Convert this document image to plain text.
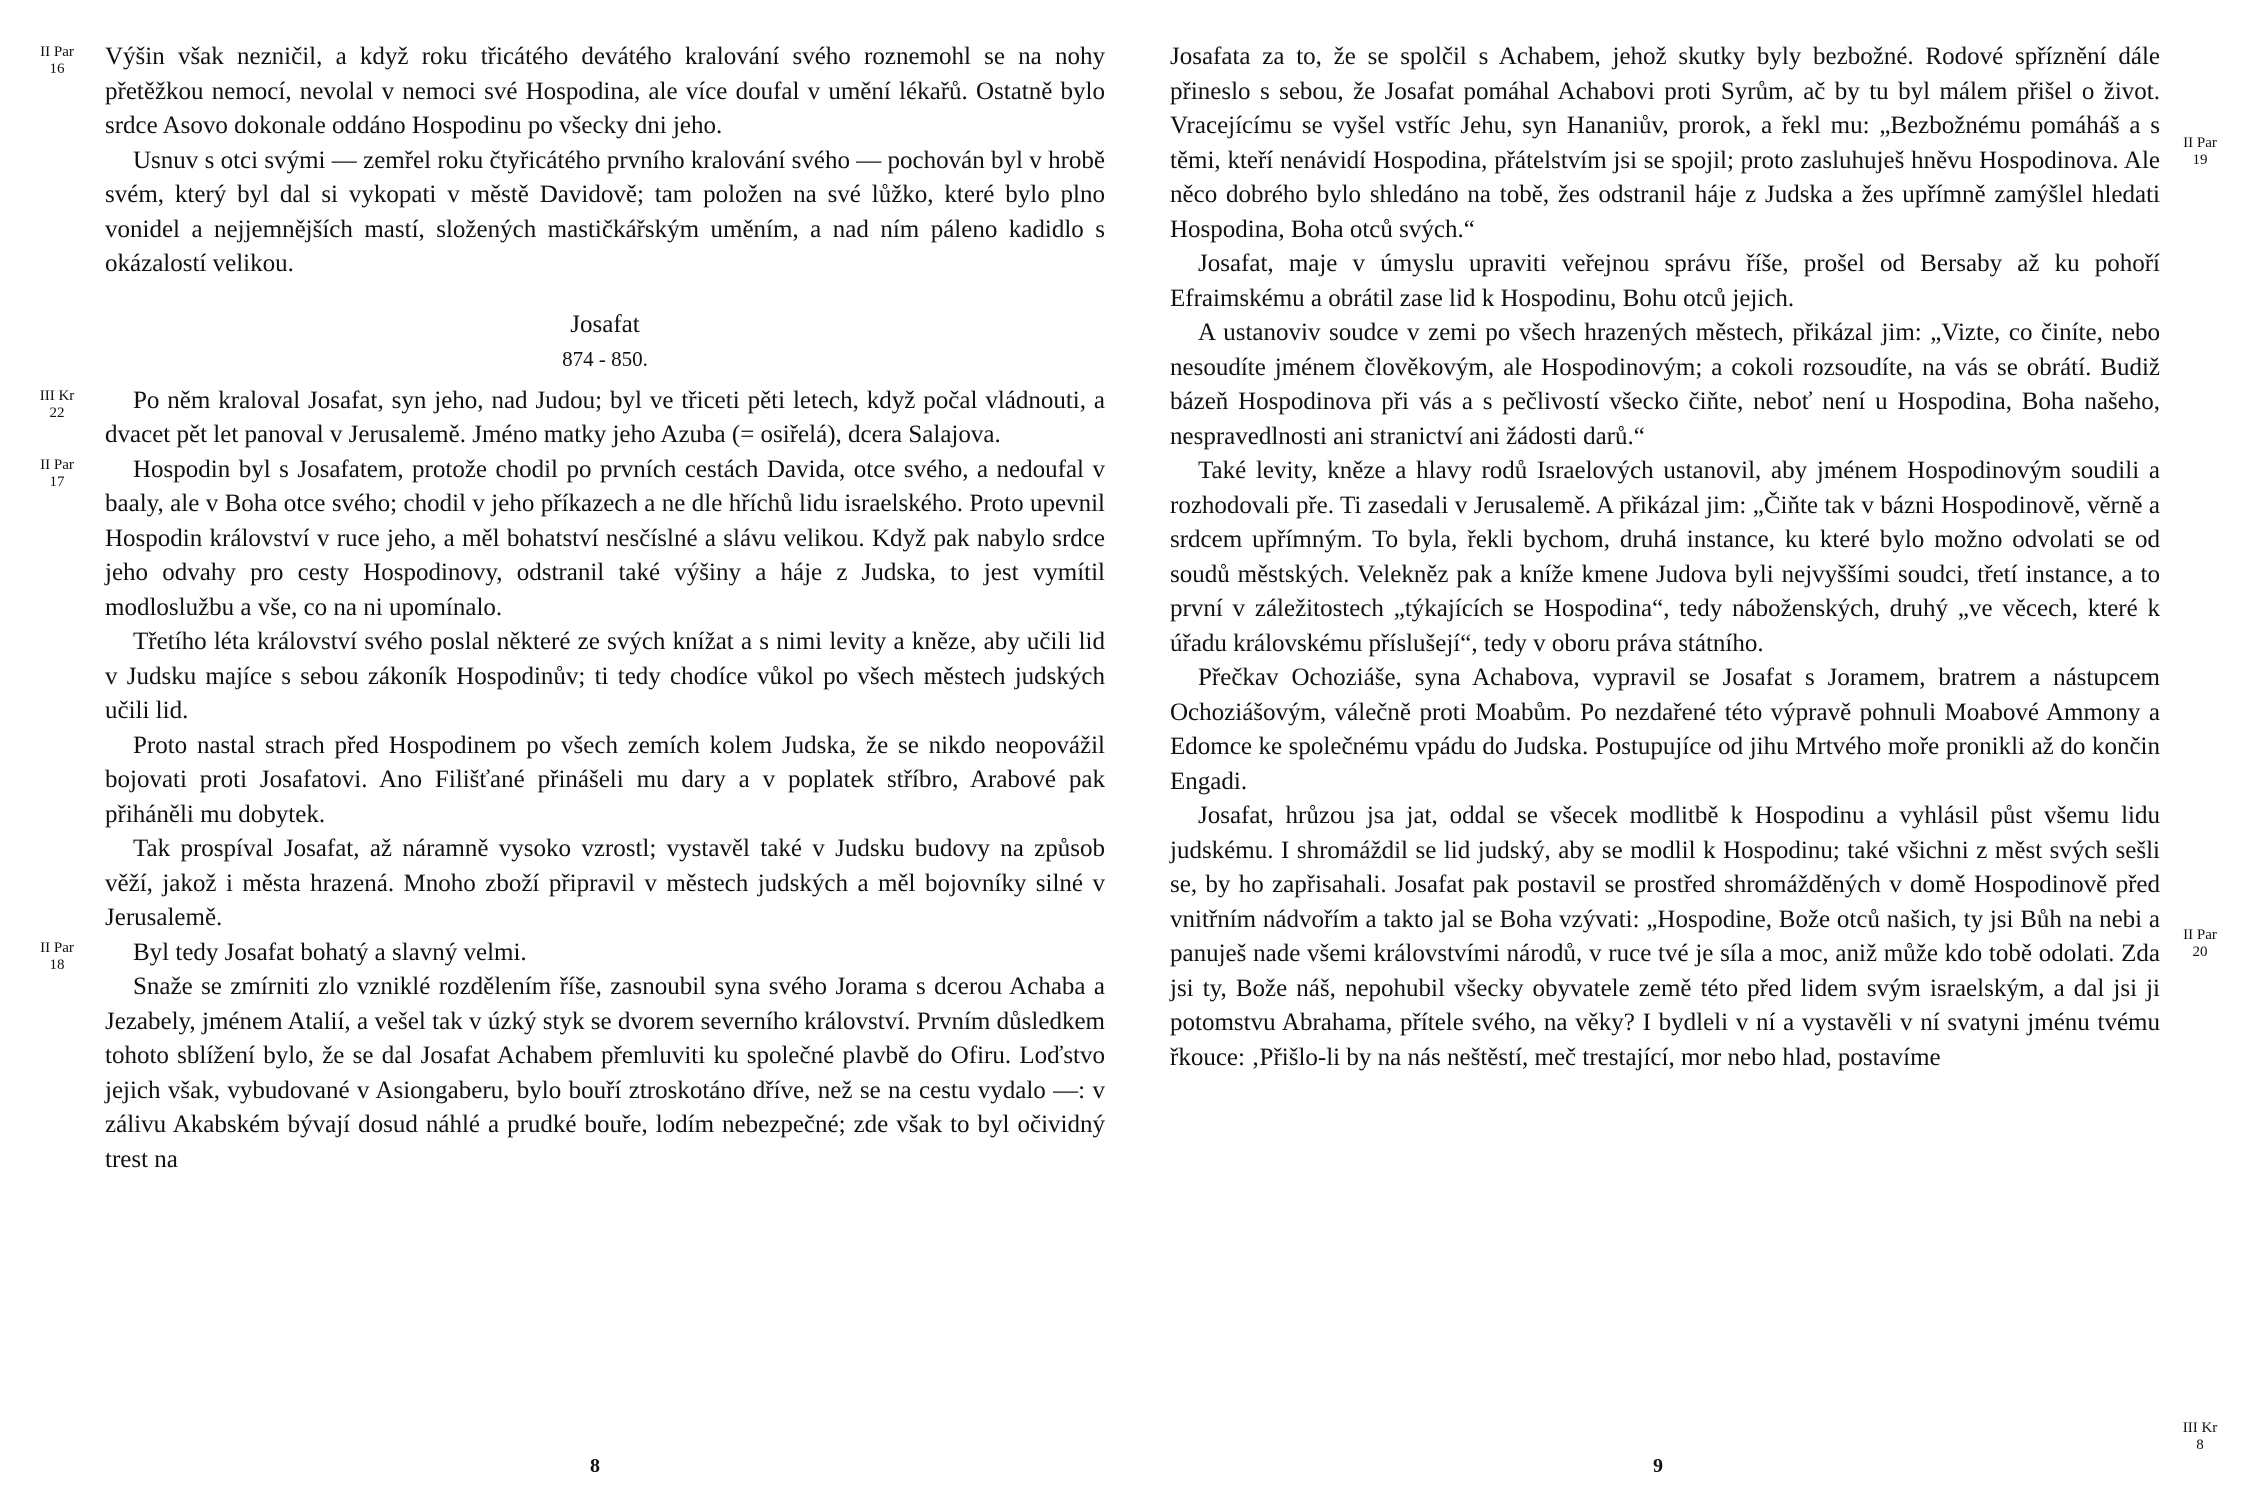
II Par
16	Výšin však nezničil, a když roku třicátého devátého kralování svého roznemohl se na nohy přetěžkou nemocí, nevolal v nemoci své Hospodina, ale více doufal v umění lékařů. Ostatně bylo srdce Asovo dokonale oddáno Hospodinu po všecky dni jeho.

Usnuv s otci svými — zemřel roku čtyřicátého prvního kralování svého — pochován byl v hrobě svém, který byl dal si vykopati v městě Davidově; tam položen na své lůžko, které bylo plno vonidel a nejjemnějších mastí, složených mastičkářským uměním, a nad ním páleno kadidlo s okázalostí velikou.

Josafat

874 - 850.

III Kr
22	Po něm kraloval Josafat, syn jeho, nad Judou; byl ve třiceti pěti letech, když počal vládnouti, a dvacet pět let panoval v Jerusalemě. Jméno matky jeho Azuba (= osiřelá), dcera Salajova.

II Par
17	Hospodin byl s Josafatem, protože chodil po prvních cestách Davida, otce svého, a nedoufal v baaly, ale v Boha otce svého; chodil v jeho příkazech a ne dle hříchů lidu israelského. Proto upevnil Hospodin království v ruce jeho, a měl bohatství nesčíslné a slávu velikou. Když pak nabylo srdce jeho odvahy pro cesty Hospodinovy, odstranil také výšiny a háje z Judska, to jest vymítil modloslužbu a vše, co na ni upomínalo.

Třetího léta království svého poslal některé ze svých knížat a s nimi levity a kněze, aby učili lid v Judsku majíce s sebou zákoník Hospodinův; ti tedy chodíce vůkol po všech městech judských učili lid.

Proto nastal strach před Hospodinem po všech zemích kolem Judska, že se nikdo neopovážil bojovati proti Josafatovi. Ano Filišťané přinášeli mu dary a v poplatek stříbro, Arabové pak přiháněli mu dobytek.

Tak prospíval Josafat, až náramně vysoko vzrostl; vystavěl také v Judsku budovy na způsob věží, jakož i města hrazená. Mnoho zboží připravil v městech judských a měl bojovníky silné v Jerusalemě.

II Par
18	Byl tedy Josafat bohatý a slavný velmi.

Snaže se zmírniti zlo vzniklé rozdělením říše, zasnoubil syna svého Jorama s dcerou Achaba a Jezabely, jménem Atalií, a vešel tak v úzký styk se dvorem severního království. Prvním důsledkem tohoto sblížení bylo, že se dal Josafat Achabem přemluviti ku společné plavbě do Ofiru. Loďstvo jejich však, vybudované v Asiongaberu, bylo bouří ztroskotáno dříve, než se na cestu vydalo —: v zálivu Akabském bývají dosud náhlé a prudké bouře, lodím nebezpečné; zde však to byl očividný trest na

Josafata za to, že se spolčil s Achabem, jehož skutky byly bezbožné. Rodové spříznění dále přineslo s sebou, že Josafat pomáhal Achabovi proti Syrům, ač by tu byl málem přišel o život. Vracejícímu se vyšel vstříc Jehu, syn Hananiův, prorok, a řekl mu: „Bezbožnému pomáháš a s těmi, kteří nenávidí Hospodina, přátelstvím jsi se spojil; proto zasluhuješ hněvu Hospodinova. Ale něco dobrého bylo shledáno na tobě, žes odstranil háje z Judska a žes upřímně zamýšlel hledati Hospodina, Boha otců svých.“

Josafat, maje v úmyslu upraviti veřejnou správu říše, prošel od Bersaby až ku pohoří Efraimskému a obrátil zase lid k Hospodinu, Bohu otců jejich.

A ustanoviv soudce v zemi po všech hrazených městech, přikázal jim: „Vizte, co činíte, nebo nesoudíte jménem člověkovým, ale Hospodinovým; a cokoli rozsoudíte, na vás se obrátí. Budiž bázeň Hospodinova při vás a s pečlivostí všecko čiňte, neboť není u Hospodina, Boha našeho, nespravedlnosti ani stranictví ani žádosti darů.“

Také levity, kněze a hlavy rodů Israelových ustanovil, aby jménem Hospodinovým soudili a rozhodovali pře. Ti zasedali v Jerusalemě. A přikázal jim: „Čiňte tak v bázni Hospodinově, věrně a srdcem upřímným. To byla, řekli bychom, druhá instance, ku které bylo možno odvolati se od soudů městských. Velekněz pak a kníže kmene Judova byli nejvyššími soudci, třetí instance, a to první v záležitostech „týkajících se Hospodina“, tedy náboženských, druhý „ve věcech, které k úřadu královskému příslušejí“, tedy v oboru práva státního.

Přečkav Ochoziáše, syna Achabova, vypravil se Josafat s Joramem, bratrem a nástupcem Ochoziášovým, válečně proti Moabům. Po nezdařené této výpravě pohnuli Moabové Ammony a Edomce ke společnému vpádu do Judska. Postupujíce od jihu Mrtvého moře pronikli až do končin Engadi.

Josafat, hrůzou jsa jat, oddal se všecek modlitbě k Hospodinu a vyhlásil půst všemu lidu judskému. I shromáždil se lid judský, aby se modlil k Hospodinu; také všichni z měst svých sešli se, by ho zapřisahali. Josafat pak postavil se prostřed shromážděných v domě Hospodinově před vnitřním nádvořím a takto jal se Boha vzývati: „Hospodine, Bože otců našich, ty jsi Bůh na nebi a panuješ nade všemi královstvími národů, v ruce tvé je síla a moc, aniž může kdo tobě odolati. Zda jsi ty, Bože náš, nepohubil všecky obyvatele země této před lidem svým israelským, a dal jsi ji potomstvu Abrahama, přítele svého, na věky? I bydleli v ní a vystavěli v ní svatyni jménu tvému řkouce: ‚Přišlo-li by na nás neštěstí, meč trestající, mor nebo hlad, postavíme

II Par
19
II Par
20
III Kr
8
8	9
